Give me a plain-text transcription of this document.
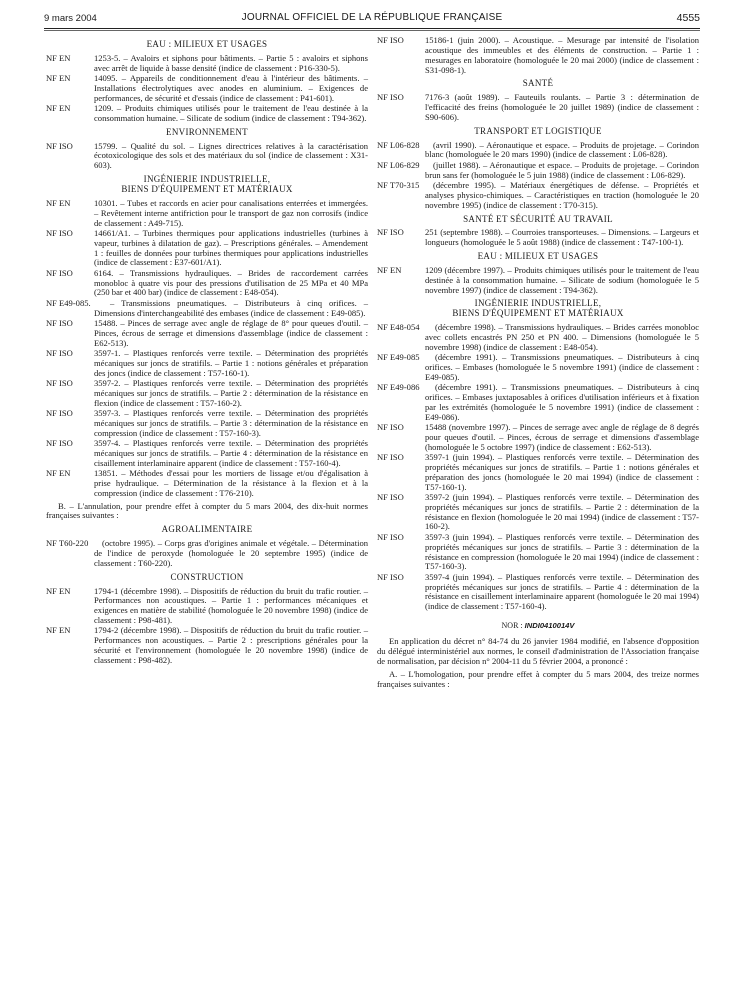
9 mars 2004	JOURNAL OFFICIEL DE LA RÉPUBLIQUE FRANÇAISE	4555
EAU : MILIEUX ET USAGES
NF EN	1253-5. – Avaloirs et siphons pour bâtiments. – Partie 5 : avaloirs et siphons avec arrêt de liquide à basse densité (indice de classement : P16-330-5).
NF EN	14095. – Appareils de conditionnement d'eau à l'intérieur des bâtiments. – Installations électrolytiques avec anodes en aluminium. – Exigences de performances, de sécurité et d'essais (indice de classement : P41-601).
NF EN	1209. – Produits chimiques utilisés pour le traitement de l'eau destinée à la consommation humaine. – Silicate de sodium (indice de classement : T94-362).
ENVIRONNEMENT
NF ISO 15799. – Qualité du sol. – Lignes directrices relatives à la caractérisation écotoxicologique des sols et des matériaux du sol (indice de classement : X31-603).
INGÉNIERIE INDUSTRIELLE,
BIENS D'ÉQUIPEMENT ET MATÉRIAUX
NF EN	10301. – Tubes et raccords en acier pour canalisations enterrées et immergées. – Revêtement interne antifriction pour le transport de gaz non corrosifs (indice de classement : A49-715).
NF ISO 14661/A1. – Turbines thermiques pour applications industrielles (turbines à vapeur, turbines à dilatation de gaz). – Prescriptions générales. – Amendement 1 : feuilles de données pour turbines thermiques pour applications industrielles (indice de classement : E37-601/A1).
NF ISO 6164. – Transmissions hydrauliques. – Brides de raccordement carrées monobloc à quatre vis pour des pressions d'utilisation de 25 MPa et 40 MPa (250 bar et 400 bar) (indice de classement : E48-054).
NF E49-085. – Transmissions pneumatiques. – Distributeurs à cinq orifices. – Dimensions d'interchangeabilité des embases (indice de classement : E49-085).
NF ISO 15488. – Pinces de serrage avec angle de réglage de 8° pour queues d'outil. – Pinces, écrous de serrage et dimensions d'assemblage (indice de classement : E62-513).
NF ISO 3597-1. – Plastiques renforcés verre textile. – Détermination des propriétés mécaniques sur joncs de stratifils. – Partie 1 : notions générales et préparation des joncs (indice de classement : T57-160-1).
NF ISO 3597-2. – Plastiques renforcés verre textile. – Détermination des propriétés mécaniques sur joncs de stratifils. – Partie 2 : détermination de la résistance en flexion (indice de classement : T57-160-2).
NF ISO 3597-3. – Plastiques renforcés verre textile. – Détermination des propriétés mécaniques sur joncs de stratifils. – Partie 3 : détermination de la résistance en compression (indice de classement : T57-160-3).
NF ISO 3597-4. – Plastiques renforcés verre textile. – Détermination des propriétés mécaniques sur joncs de stratifils. – Partie 4 : détermination de la résistance en cisaillement interlaminaire apparent (indice de classement : T57-160-4).
NF EN	13851. – Méthodes d'essai pour les mortiers de lissage et/ou d'égalisation à prise hydraulique. – Détermination de la résistance à la flexion et à la compression (indice de classement : T76-210).
B. – L'annulation, pour prendre effet à compter du 5 mars 2004, des dix-huit normes françaises suivantes :
AGROALIMENTAIRE
NF T60-220 (octobre 1995). – Corps gras d'origines animale et végétale. – Détermination de l'indice de peroxyde (homologuée le 20 septembre 1995) (indice de classement : T60-220).
CONSTRUCTION
NF EN	1794-1 (décembre 1998). – Dispositifs de réduction du bruit du trafic routier. – Performances non acoustiques. – Partie 1 : performances mécaniques et exigences en matière de stabilité (homologuée le 20 novembre 1998) (indice de classement : P98-481).
NF EN	1794-2 (décembre 1998). – Dispositifs de réduction du bruit du trafic routier. – Performances non acoustiques. – Partie 2 : prescriptions générales pour la sécurité et l'environnement (homologuée le 20 novembre 1998) (indice de classement : P98-482).
NF ISO 15186-1 (juin 2000). – Acoustique. – Mesurage par intensité de l'isolation acoustique des immeubles et des éléments de construction. – Partie 1 : mesurages en laboratoire (homologuée le 20 mai 2000) (indice de classement : S31-098-1).
SANTÉ
NF ISO 7176-3 (août 1989). – Fauteuils roulants. – Partie 3 : détermination de l'efficacité des freins (homologuée le 20 juillet 1989) (indice de classement : S90-606).
TRANSPORT ET LOGISTIQUE
NF L06-828 (avril 1990). – Aéronautique et espace. – Produits de projetage. – Corindon blanc (homologuée le 20 mars 1990) (indice de classement : L06-828).
NF L06-829 (juillet 1988). – Aéronautique et espace. – Produits de projetage. – Corindon brun sans fer (homologuée le 5 juin 1988) (indice de classement : L06-829).
NF T70-315 (décembre 1995). – Matériaux énergétiques de défense. – Propriétés et analyses physico-chimiques. – Caractéristiques en traction (homologuée le 20 novembre 1995) (indice de classement : T70-315).
SANTÉ ET SÉCURITÉ AU TRAVAIL
NF ISO 251 (septembre 1988). – Courroies transporteuses. – Dimensions. – Largeurs et longueurs (homologuée le 5 août 1988) (indice de classement : T47-100-1).
EAU : MILIEUX ET USAGES
NF EN	1209 (décembre 1997). – Produits chimiques utilisés pour le traitement de l'eau destinée à la consommation humaine. – Silicate de sodium (homologuée le 5 novembre 1997) (indice de classement : T94-362).
INGÉNIERIE INDUSTRIELLE,
BIENS D'ÉQUIPEMENT ET MATÉRIAUX
NF E48-054 (décembre 1998). – Transmissions hydrauliques. – Brides carrées monobloc avec collets encastrés PN 250 et PN 400. – Dimensions (homologuée le 5 novembre 1998) (indice de classement : E48-054).
NF E49-085 (décembre 1991). – Transmissions pneumatiques. – Distributeurs à cinq orifices. – Embases (homologuée le 5 novembre 1991) (indice de classement : E49-085).
NF E49-086 (décembre 1991). – Transmissions pneumatiques. – Distributeurs à cinq orifices. – Embases juxtaposables à orifices d'utilisation inférieurs et à fixation par les extrémités (homologuée le 5 novembre 1991) (indice de classement : E49-086).
NF ISO 15488 (novembre 1997). – Pinces de serrage avec angle de réglage de 8 degrés pour queues d'outil. – Pinces, écrous de serrage et dimensions d'assemblage (homologuée le 5 octobre 1997) (indice de classement : E62-513).
NF ISO 3597-1 (juin 1994). – Plastiques renforcés verre textile. – Détermination des propriétés mécaniques sur joncs de stratifils. – Partie 1 : notions générales et préparation des joncs (homologuée le 20 mai 1994) (indice de classement : T57-160-1).
NF ISO 3597-2 (juin 1994). – Plastiques renforcés verre textile. – Détermination des propriétés mécaniques sur joncs de stratifils. – Partie 2 : détermination de la résistance en flexion (homologuée le 20 mai 1994) (indice de classement : T57-160-2).
NF ISO 3597-3 (juin 1994). – Plastiques renforcés verre textile. – Détermination des propriétés mécaniques sur joncs de stratifils. – Partie 3 : détermination de la résistance en compression (homologuée le 20 mai 1994) (indice de classement : T57-160-3).
NF ISO 3597-4 (juin 1994). – Plastiques renforcés verre textile. – Détermination des propriétés mécaniques sur joncs de stratifils. – Partie 4 : détermination de la résistance en cisaillement interlaminaire apparent (homologuée le 20 mai 1994) (indice de classement : T57-160-4).
NOR : INDI0410014V
En application du décret n° 84-74 du 26 janvier 1984 modifié, en l'absence d'opposition du délégué interministériel aux normes, le conseil d'administration de l'Association française de normalisation, par décision n° 2004-11 du 5 février 2004, a prononcé :
A. – L'homologation, pour prendre effet à compter du 5 mars 2004, des treize normes françaises suivantes :
